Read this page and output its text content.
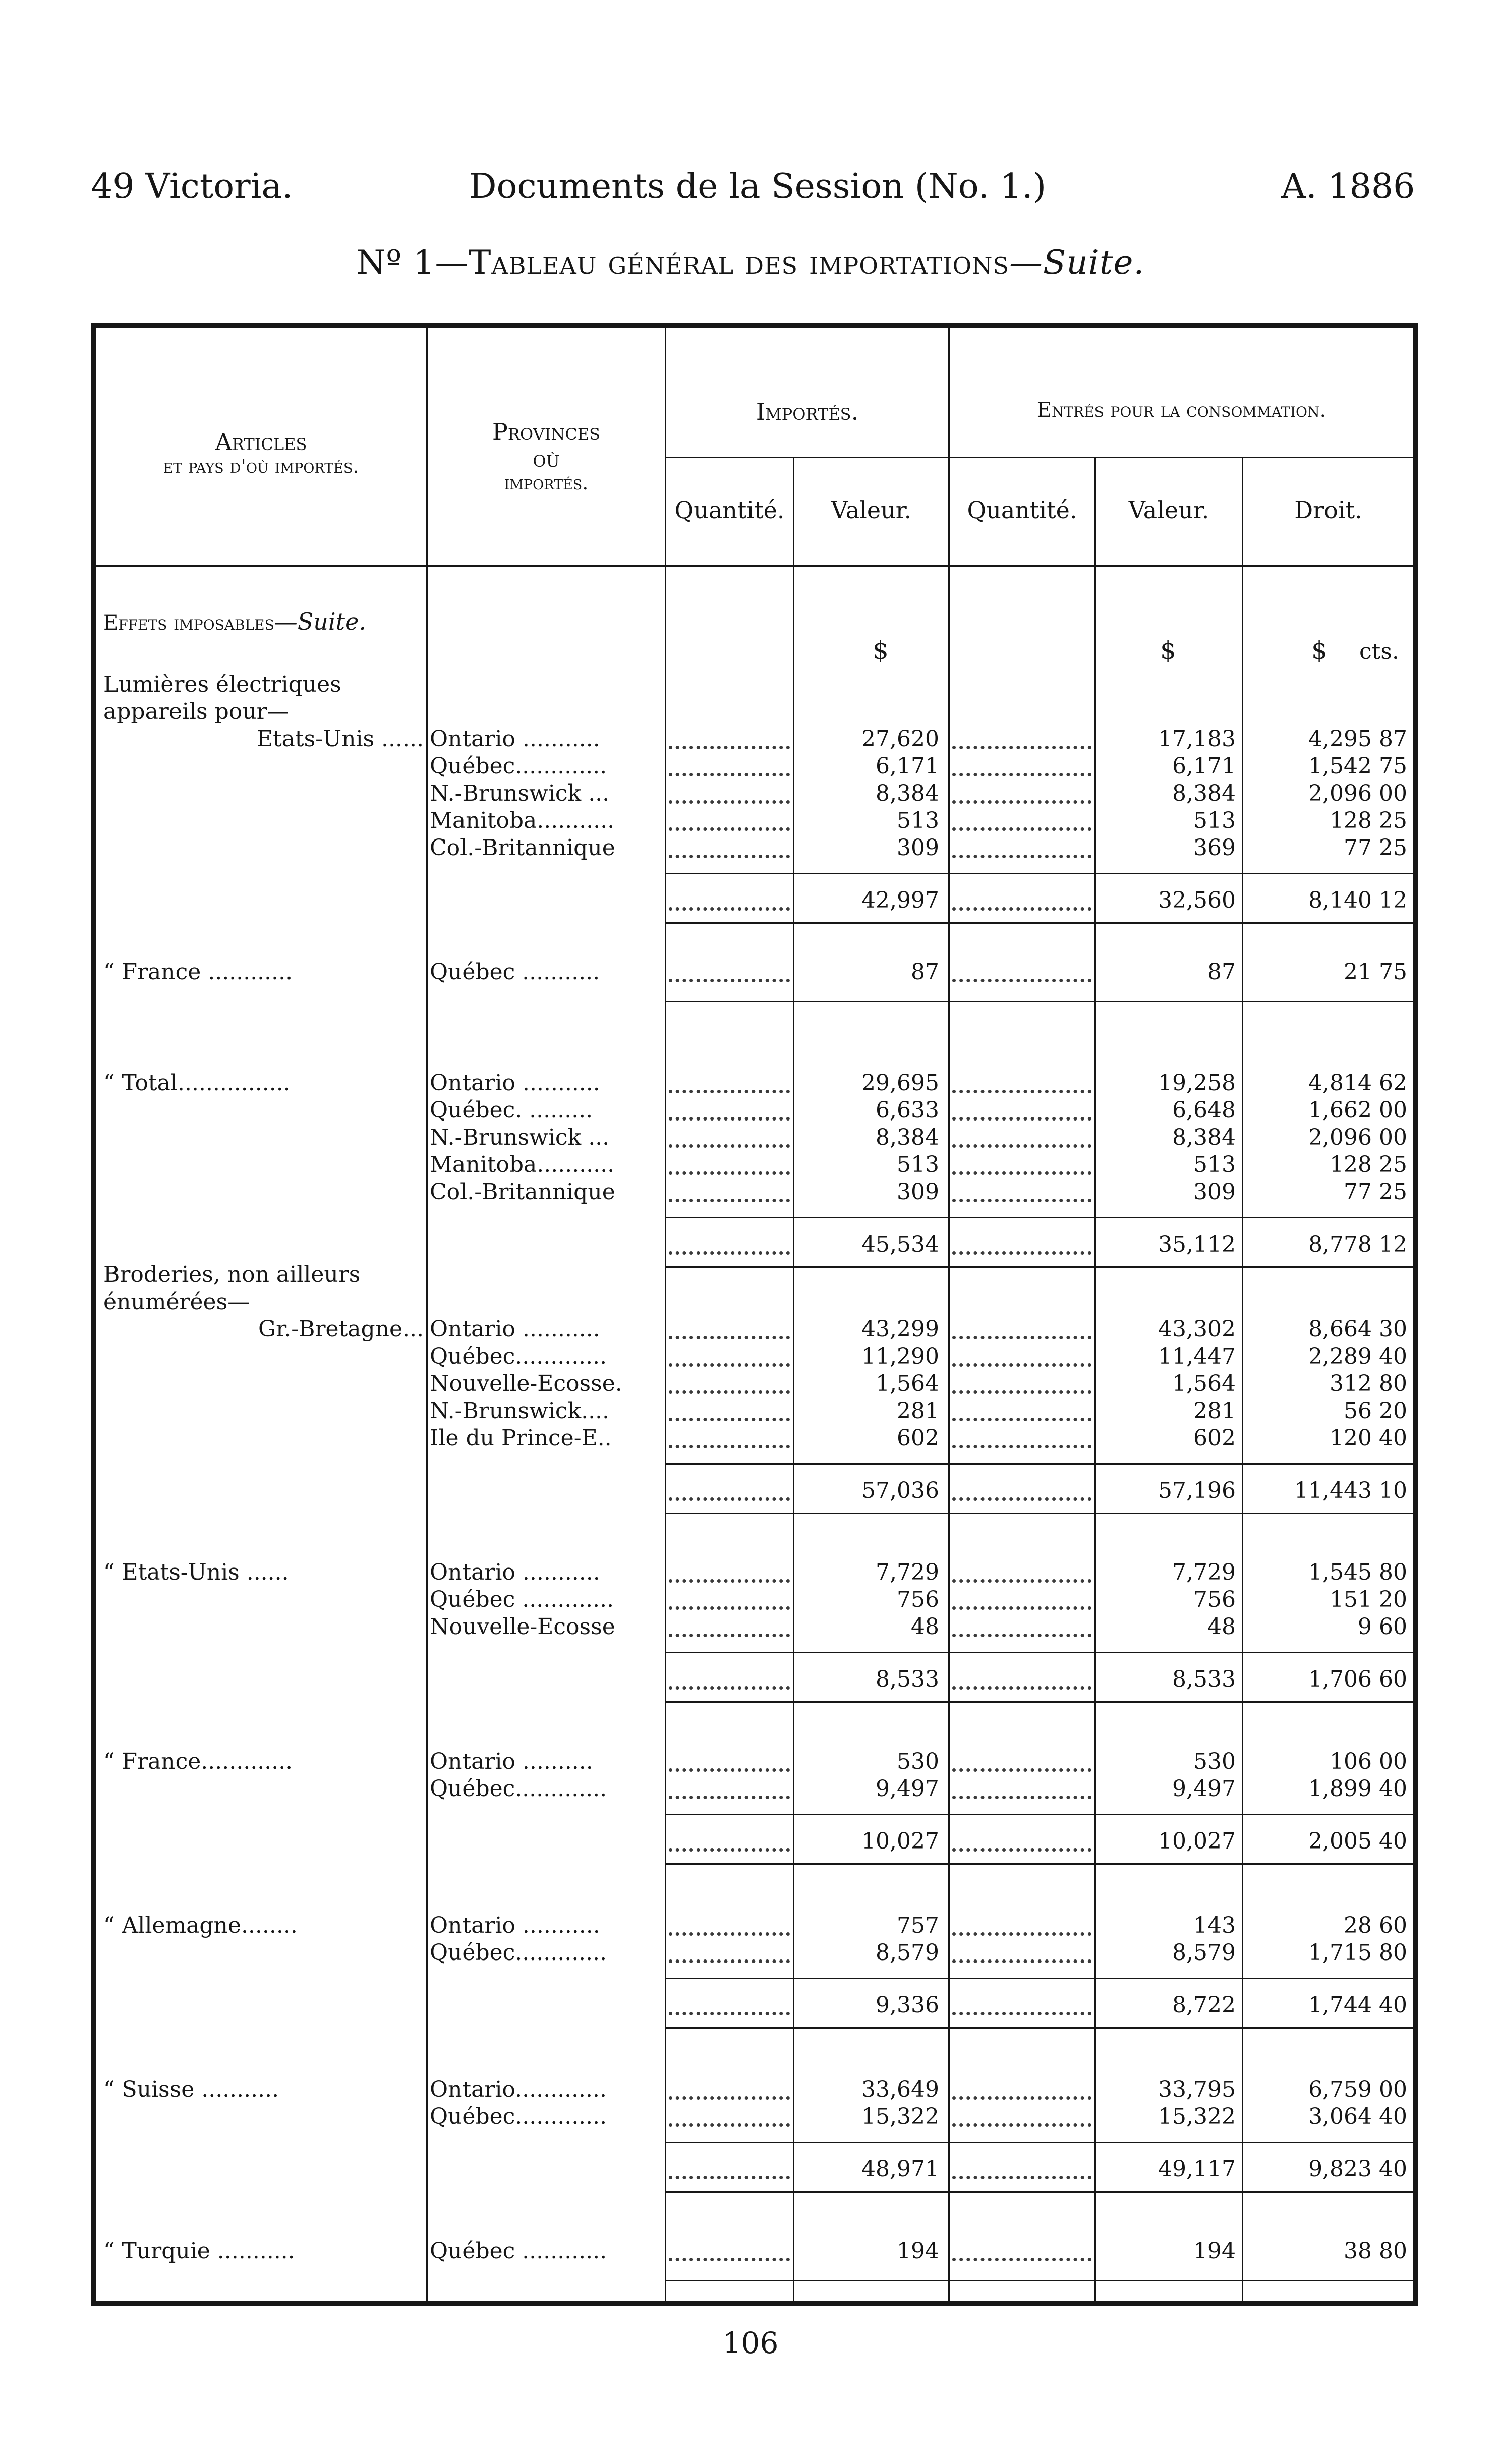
49 Victoria.	Documents de la Session (No. 1.)	A. 1886
Nº 1—Tableau général des importations—Suite.
Articles
et pays d'où importés.
Provinces
où
importés.
Importés.	Entrés pour la consommation.
Quantité.	Valeur.	Quantité.	Valeur.	Droit.
Effets imposables—Suite.
$	$	$ cts.
Lumières électriques
appareils pour—
Etats-Unis ...... Ontario ...........	27,620	17,183	4,295 87
Québec.............	6,171	6,171	1,542 75
N.-Brunswick ...	8,384	8,384	2,096 00
Manitoba...........	513	513	128 25
Col.-Britannique	309	369	77 25
42,997	32,560	8,140 12
“ France ............	Québec ...........	87	87	21 75
“ Total................	Ontario ...........	29,695	19,258	4,814 62
Québec. .........	6,633	6,648	1,662 00
N.-Brunswick ...	8,384	8,384	2,096 00
Manitoba...........	513	513	128 25
Col.-Britannique	309	309	77 25
45,534	35,112	8,778 12
Broderies, non ailleurs
énumérées—
Gr.-Bretagne... Ontario ...........	43,299	43,302	8,664 30
Québec.............	11,290	11,447	2,289 40
Nouvelle-Ecosse.	1,564	1,564	312 80
N.-Brunswick....	281	281	56 20
Ile du Prince-E..	602	602	120 40
57,036	57,196	11,443 10
“ Etats-Unis ......	Ontario ...........	7,729	7,729	1,545 80
Québec .............	756	756	151 20
Nouvelle-Ecosse	48	48	9 60
8,533	8,533	1,706 60
“ France.............	Ontario ..........	530	530	106 00
Québec.............	9,497	9,497	1,899 40
10,027	10,027	2,005 40
“ Allemagne........	Ontario ...........	757	143	28 60
Québec.............	8,579	8,579	1,715 80
9,336	8,722	1,744 40
“ Suisse ...........	Ontario.............	33,649	33,795	6,759 00
Québec.............	15,322	15,322	3,064 40
48,971	49,117	9,823 40
“ Turquie ...........	Québec ............	194	194	38 80
106
